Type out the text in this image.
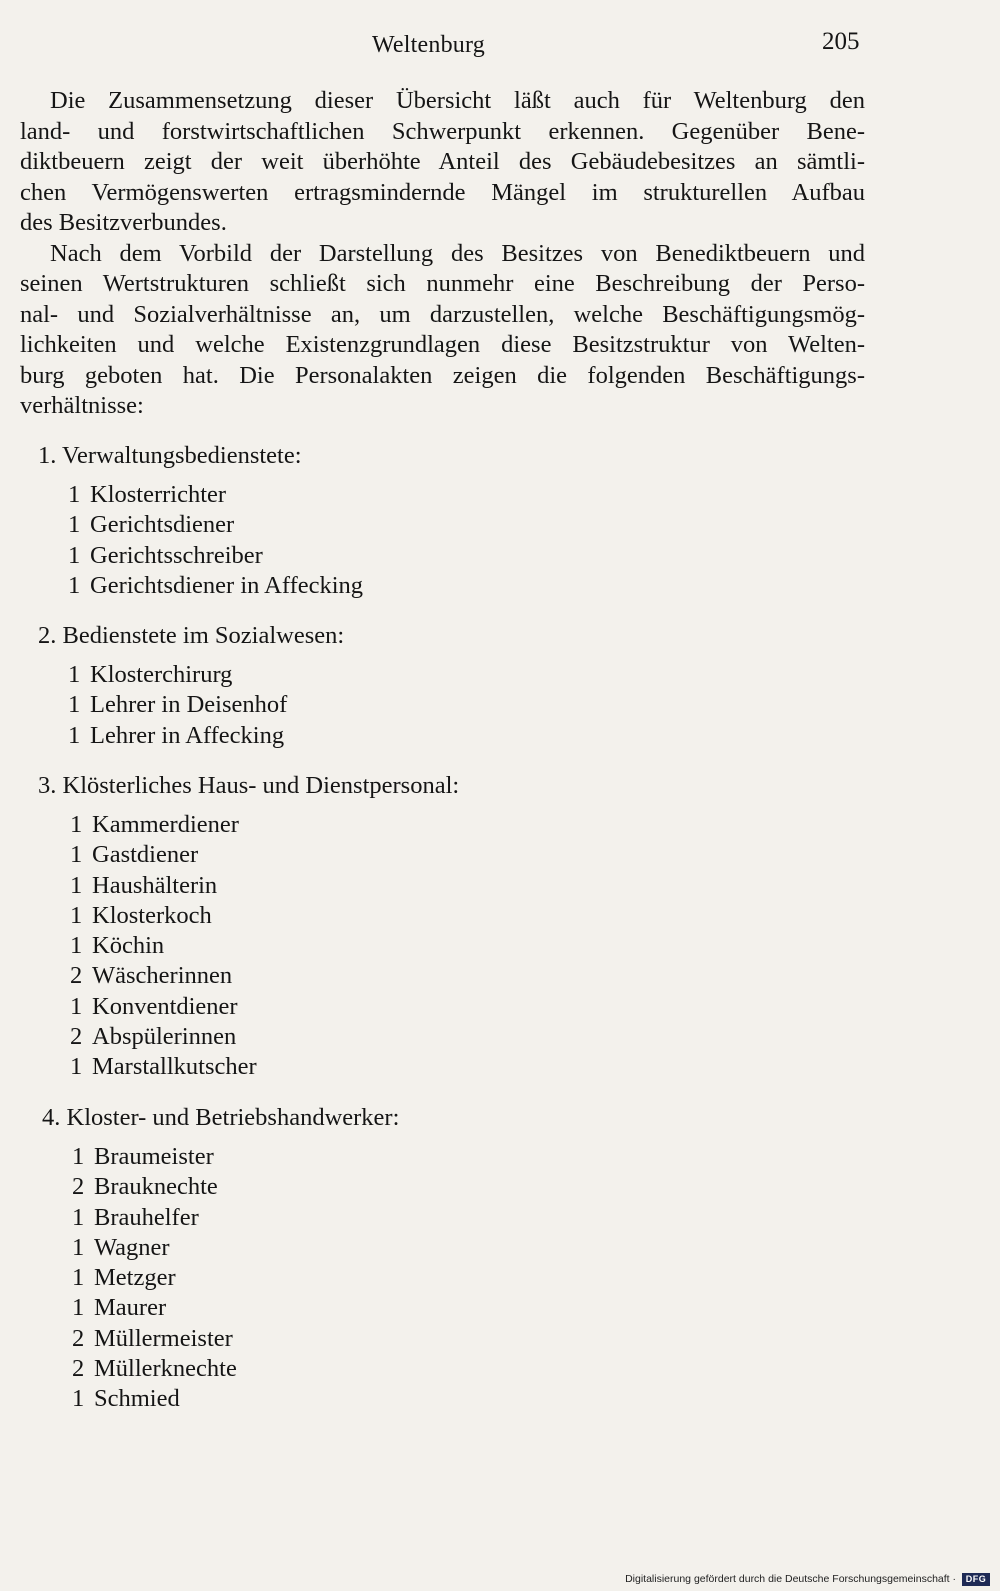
Weltenburg	205
Die Zusammensetzung dieser Übersicht läßt auch für Weltenburg den
land- und forstwirtschaftlichen Schwerpunkt erkennen. Gegenüber Bene-
diktbeuern zeigt der weit überhöhte Anteil des Gebäudebesitzes an sämtli-
chen Vermögenswerten ertragsmindernde Mängel im strukturellen Aufbau
des Besitzverbundes.
Nach dem Vorbild der Darstellung des Besitzes von Benediktbeuern und
seinen Wertstrukturen schließt sich nunmehr eine Beschreibung der Perso-
nal- und Sozialverhältnisse an, um darzustellen, welche Beschäftigungsmög-
lichkeiten und welche Existenzgrundlagen diese Besitzstruktur von Welten-
burg geboten hat. Die Personalakten zeigen die folgenden Beschäftigungs-
verhältnisse:
1. Verwaltungsbedienstete:
1 Klosterrichter
1 Gerichtsdiener
1 Gerichtsschreiber
1 Gerichtsdiener in Affecking
2. Bedienstete im Sozialwesen:
1 Klosterchirurg
1 Lehrer in Deisenhof
1 Lehrer in Affecking
3. Klösterliches Haus- und Dienstpersonal:
1 Kammerdiener
1 Gastdiener
1 Haushälterin
1 Klosterkoch
1 Köchin
2 Wäscherinnen
1 Konventdiener
2 Abspülerinnen
1 Marstallkutscher
4. Kloster- und Betriebshandwerker:
1 Braumeister
2 Brauknechte
1 Brauhelfer
1 Wagner
1 Metzger
1 Maurer
2 Müllermeister
2 Müllerknechte
1 Schmied
Digitalisierung gefördert durch die Deutsche Forschungsgemeinschaft ·	DFG
